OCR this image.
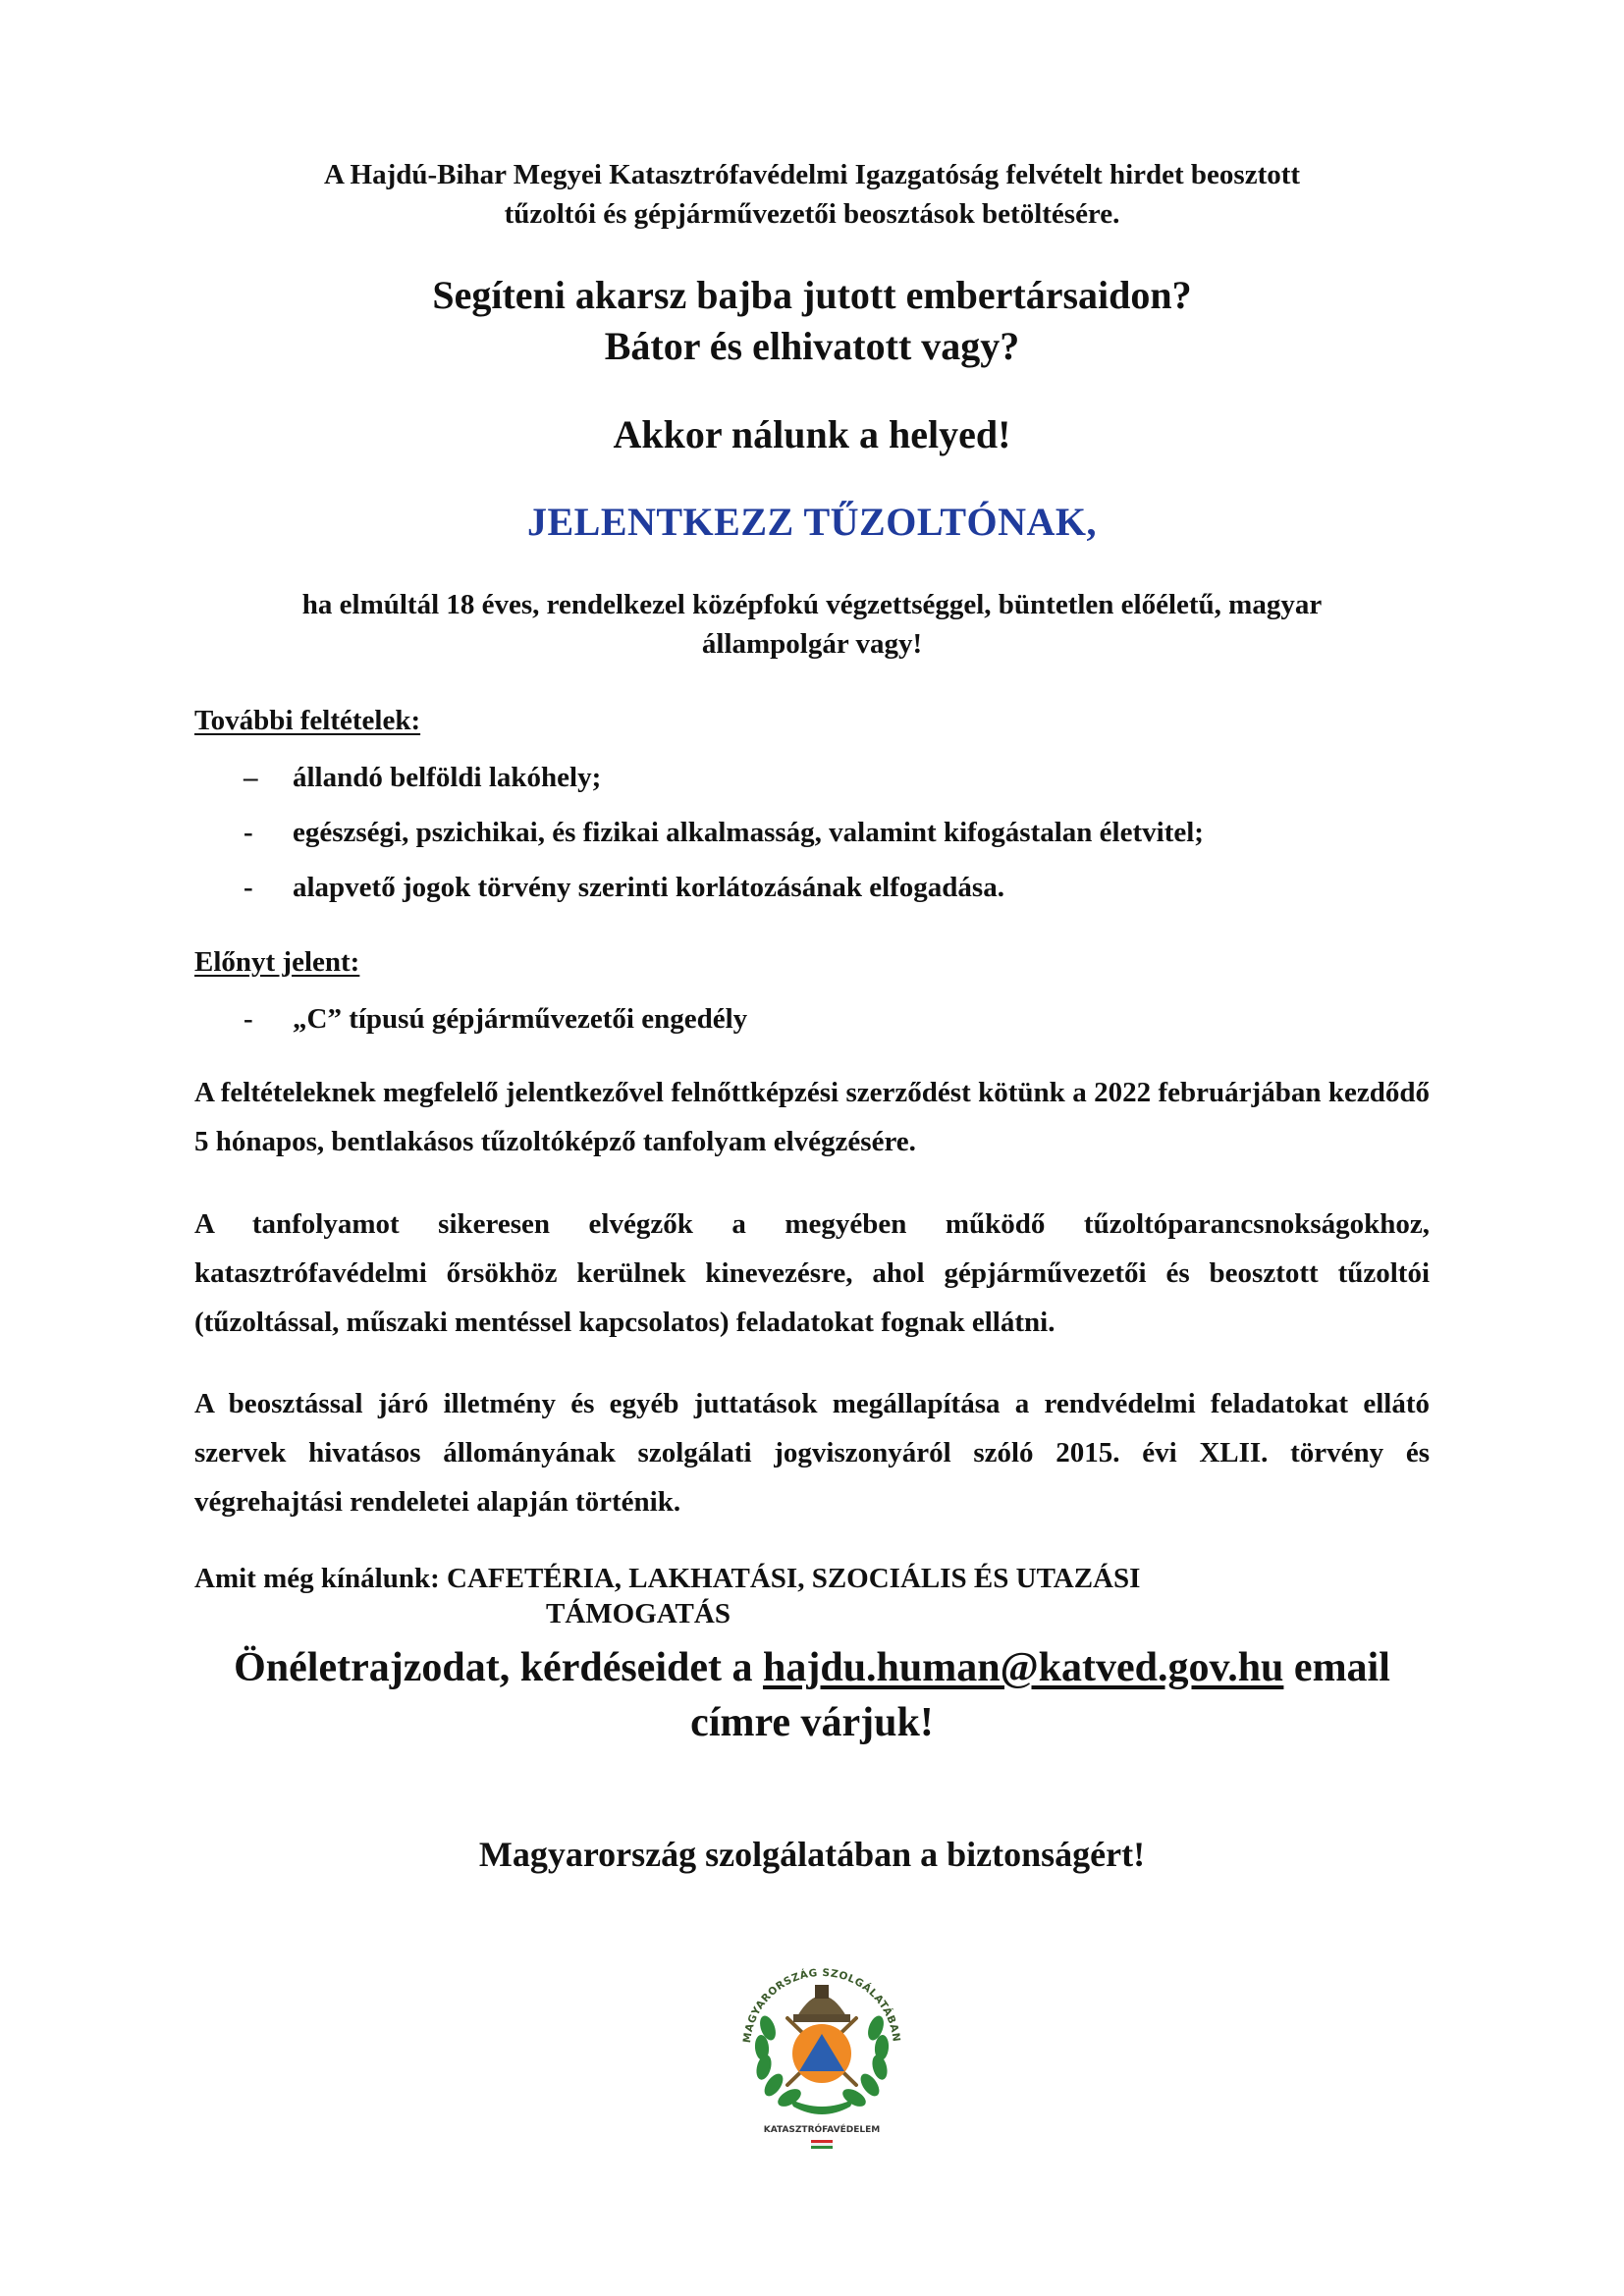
A Hajdú-Bihar Megyei Katasztrófavédelmi Igazgatóság felvételt hirdet beosztott
tűzoltói és gépjárművezetői beosztások betöltésére.
Segíteni akarsz bajba jutott embertársaidon?
Bátor és elhivatott vagy?
Akkor nálunk a helyed!
JELENTKEZZ TŰZOLTÓNAK,
ha elmúltál 18 éves, rendelkezel középfokú végzettséggel, büntetlen előéletű, magyar
állampolgár vagy!
További feltételek:
– állandó belföldi lakóhely;
- egészségi, pszichikai, és fizikai alkalmasság, valamint kifogástalan életvitel;
- alapvető jogok törvény szerinti korlátozásának elfogadása.
Előnyt jelent:
- „C” típusú gépjárművezetői engedély
A feltételeknek megfelelő jelentkezővel felnőttképzési szerződést kötünk a 2022 februárjában kezdődő 5 hónapos, bentlakásos tűzoltóképző tanfolyam elvégzésére.
A tanfolyamot sikeresen elvégzők a megyében működő tűzoltóparancsnokságokhoz, katasztrófavédelmi őrsökhöz kerülnek kinevezésre, ahol gépjárművezetői és beosztott tűzoltói (tűzoltással, műszaki mentéssel kapcsolatos) feladatokat fognak ellátni.
A beosztással járó illetmény és egyéb juttatások megállapítása a rendvédelmi feladatokat ellátó szervek hivatásos állományának szolgálati jogviszonyáról szóló 2015. évi XLII. törvény és végrehajtási rendeletei alapján történik.
Amit még kínálunk: CAFETÉRIA, LAKHATÁSI, SZOCIÁLIS ÉS UTAZÁSI
TÁMOGATÁS
Önéletrajzodat, kérdéseidet a hajdu.human@katved.gov.hu email
címre várjuk!
Magyarország szolgálatában a biztonságért!
MAGYARORSZÁG SZOLGÁLATÁBAN
KATASZTRÓFAVÉDELEM
